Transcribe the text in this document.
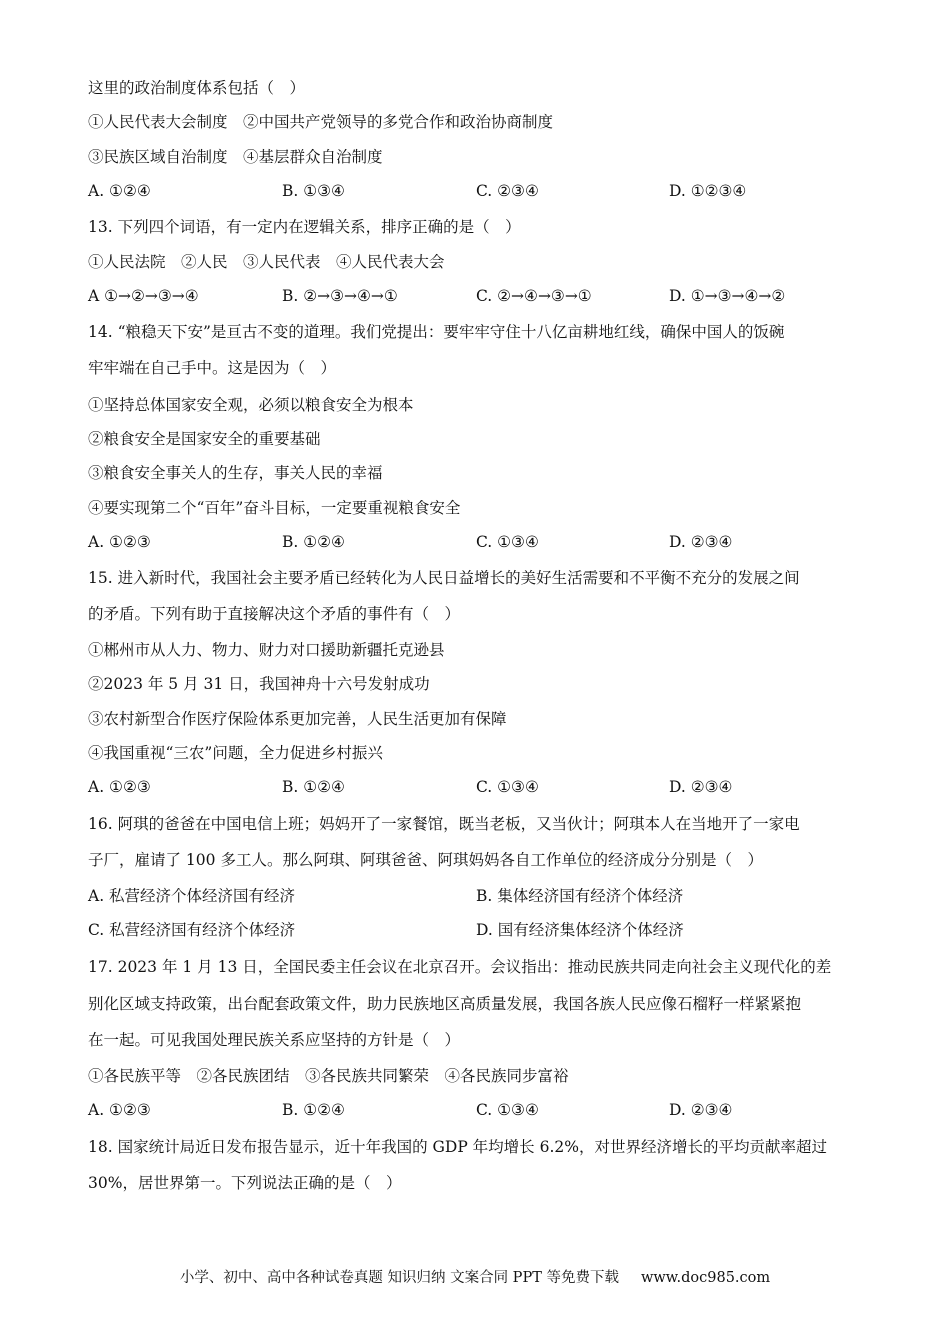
这里的政治制度体系包括（　）
①人民代表大会制度　②中国共产党领导的多党合作和政治协商制度
③民族区域自治制度　④基层群众自治制度
A. ①②④	B. ①③④	C. ②③④	D. ①②③④
13. 下列四个词语，有一定内在逻辑关系，排序正确的是（　）
①人民法院　②人民　③人民代表　④人民代表大会
A ①→②→③→④	B. ②→③→④→①	C. ②→④→③→①	D. ①→③→④→②
14. “粮稳天下安”是亘古不变的道理。我们党提出：要牢牢守住十八亿亩耕地红线，确保中国人的饭碗
牢牢端在自己手中。这是因为（　）
①坚持总体国家安全观，必须以粮食安全为根本
②粮食安全是国家安全的重要基础
③粮食安全事关人的生存，事关人民的幸福
④要实现第二个“百年”奋斗目标，一定要重视粮食安全
A. ①②③	B. ①②④	C. ①③④	D. ②③④
15. 进入新时代，我国社会主要矛盾已经转化为人民日益增长的美好生活需要和不平衡不充分的发展之间
的矛盾。下列有助于直接解决这个矛盾的事件有（　）
①郴州市从人力、物力、财力对口援助新疆托克逊县
②2023 年 5 月 31 日，我国神舟十六号发射成功
③农村新型合作医疗保险体系更加完善，人民生活更加有保障
④我国重视“三农”问题，全力促进乡村振兴
A. ①②③	B. ①②④	C. ①③④	D. ②③④
16. 阿琪的爸爸在中国电信上班；妈妈开了一家餐馆，既当老板，又当伙计；阿琪本人在当地开了一家电
子厂，雇请了 100 多工人。那么阿琪、阿琪爸爸、阿琪妈妈各自工作单位的经济成分分别是（　）
A. 私营经济个体经济国有经济	B. 集体经济国有经济个体经济
C. 私营经济国有经济个体经济	D. 国有经济集体经济个体经济
17. 2023 年 1 月 13 日，全国民委主任会议在北京召开。会议指出：推动民族共同走向社会主义现代化的差
别化区域支持政策，出台配套政策文件，助力民族地区高质量发展，我国各族人民应像石榴籽一样紧紧抱
在一起。可见我国处理民族关系应坚持的方针是（　）
①各民族平等　②各民族团结　③各民族共同繁荣　④各民族同步富裕
A. ①②③	B. ①②④	C. ①③④	D. ②③④
18. 国家统计局近日发布报告显示，近十年我国的 GDP 年均增长 6.2%，对世界经济增长的平均贡献率超过
30%，居世界第一。下列说法正确的是（　）
小学、初中、高中各种试卷真题 知识归纳 文案合同 PPT 等免费下载 www.doc985.com
